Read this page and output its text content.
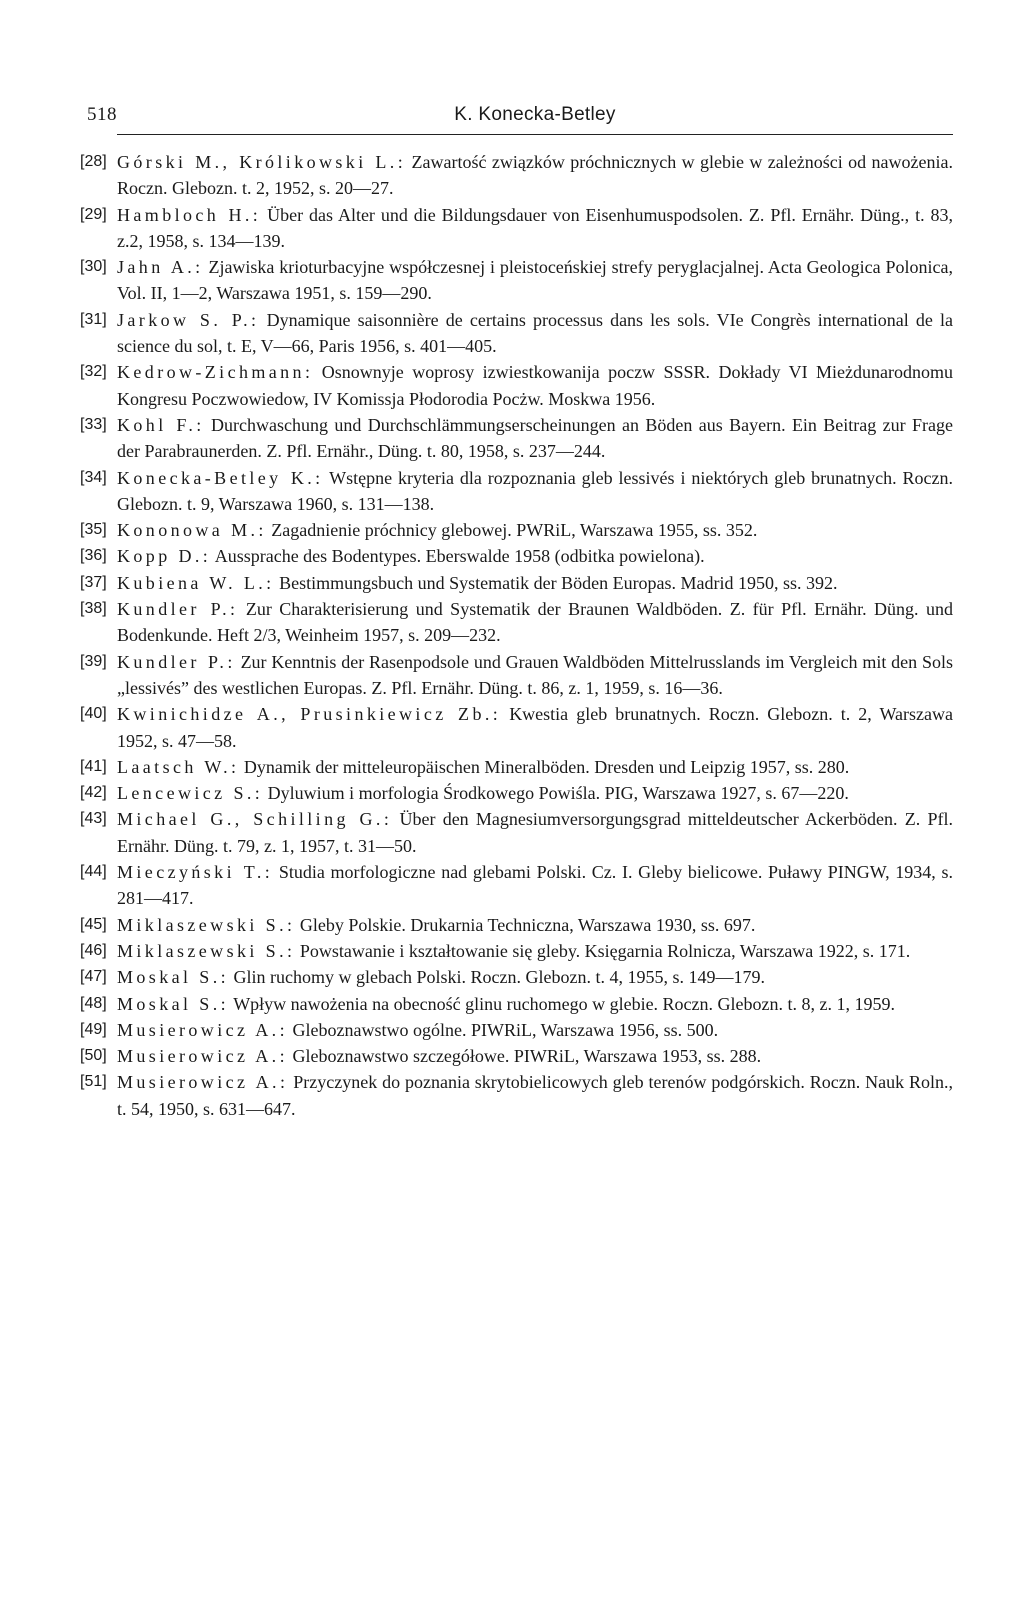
518	K. Konecka-Betley
[28] Górski M., Królikowski L.: Zawartość związków próchnicznych w glebie w zależności od nawożenia. Roczn. Glebozn. t. 2, 1952, s. 20—27.
[29] Hambloch H.: Über das Alter und die Bildungsdauer von Eisenhumuspodsolen. Z. Pfl. Ernähr. Düng., t. 83, z.2, 1958, s. 134—139.
[30] Jahn A.: Zjawiska krioturbacyjne współczesnej i pleistoceńskiej strefy peryglacjalnej. Acta Geologica Polonica, Vol. II, 1—2, Warszawa 1951, s. 159—290.
[31] Jarkow S. P.: Dynamique saisonnière de certains processus dans les sols. VIe Congrès international de la science du sol, t. E, V—66, Paris 1956, s. 401—405.
[32] Kedrow-Zichmann: Osnownyje woprosy izwiestkowanija poczw SSSR. Dokłady VI Mieżdunarodnomu Kongresu Poczwowiedow, IV Komissja Płodorodia Pocżw. Moskwa 1956.
[33] Kohl F.: Durchwaschung und Durchschlämmungserscheinungen an Böden aus Bayern. Ein Beitrag zur Frage der Parabraunerden. Z. Pfl. Ernähr., Düng. t. 80, 1958, s. 237—244.
[34] Konecka-Betley K.: Wstępne kryteria dla rozpoznania gleb lessivés i niektórych gleb brunatnych. Roczn. Glebozn. t. 9, Warszawa 1960, s. 131—138.
[35] Kononowa M.: Zagadnienie próchnicy glebowej. PWRiL, Warszawa 1955, ss. 352.
[36] Kopp D.: Aussprache des Bodentypes. Eberswalde 1958 (odbitka powielona).
[37] Kubiena W. L.: Bestimmungsbuch und Systematik der Böden Europas. Madrid 1950, ss. 392.
[38] Kundler P.: Zur Charakterisierung und Systematik der Braunen Waldböden. Z. für Pfl. Ernähr. Düng. und Bodenkunde. Heft 2/3, Weinheim 1957, s. 209—232.
[39] Kundler P.: Zur Kenntnis der Rasenpodsole und Grauen Waldböden Mittelrusslands im Vergleich mit den Sols „lessivés” des westlichen Europas. Z. Pfl. Ernähr. Düng. t. 86, z. 1, 1959, s. 16—36.
[40] Kwinichidze A., Prusinkiewicz Zb.: Kwestia gleb brunatnych. Roczn. Glebozn. t. 2, Warszawa 1952, s. 47—58.
[41] Laatsch W.: Dynamik der mitteleuropäischen Mineralböden. Dresden und Leipzig 1957, ss. 280.
[42] Lencewicz S.: Dyluwium i morfologia Środkowego Powiśla. PIG, Warszawa 1927, s. 67—220.
[43] Michael G., Schilling G.: Über den Magnesiumversorgungsgrad mitteldeutscher Ackerböden. Z. Pfl. Ernähr. Düng. t. 79, z. 1, 1957, t. 31—50.
[44] Mieczyński T.: Studia morfologiczne nad glebami Polski. Cz. I. Gleby bielicowe. Puławy PINGW, 1934, s. 281—417.
[45] Miklaszewski S.: Gleby Polskie. Drukarnia Techniczna, Warszawa 1930, ss. 697.
[46] Miklaszewski S.: Powstawanie i kształtowanie się gleby. Księgarnia Rolnicza, Warszawa 1922, s. 171.
[47] Moskal S.: Glin ruchomy w glebach Polski. Roczn. Glebozn. t. 4, 1955, s. 149—179.
[48] Moskal S.: Wpływ nawożenia na obecność glinu ruchomego w glebie. Roczn. Glebozn. t. 8, z. 1, 1959.
[49] Musierowicz A.: Gleboznawstwo ogólne. PIWRiL, Warszawa 1956, ss. 500.
[50] Musierowicz A.: Gleboznawstwo szczegółowe. PIWRiL, Warszawa 1953, ss. 288.
[51] Musierowicz A.: Przyczynek do poznania skrytobielicowych gleb terenów podgórskich. Roczn. Nauk Roln., t. 54, 1950, s. 631—647.
